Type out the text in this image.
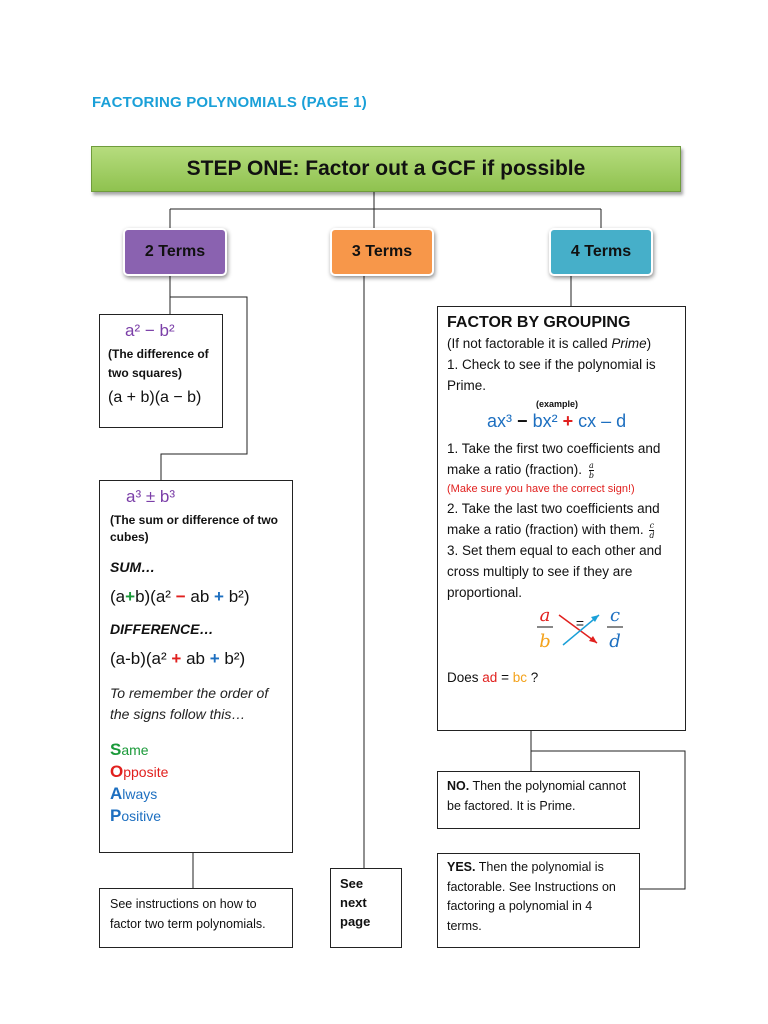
FACTORING POLYNOMIALS (PAGE 1)
STEP ONE: Factor out a GCF if possible
2 Terms	3 Terms	4 Terms
a² − b²
(The difference of two squares)
(a + b)(a − b)
a³ ± b³
(The sum or difference of two cubes)
SUM…
(a+b)(a² − ab + b²)
DIFFERENCE…
(a-b)(a² + ab + b²)
To remember the order of the signs follow this…
Same
Opposite
Always
Positive
See instructions on how to factor two term polynomials.
See next page
FACTOR BY GROUPING
(If not factorable it is called Prime)
1. Check to see if the polynomial is Prime.
(example)
ax³ − bx² + cx – d
1. Take the first two coefficients and make a ratio (fraction). $\frac{a}{b}$
(Make sure you have the correct sign!)
2. Take the last two coefficients and make a ratio (fraction) with them. $\frac{c}{d}$
3. Set them equal to each other and cross multiply to see if they are proportional.
a
b
= c
d
Does ad = bc ?
NO. Then the polynomial cannot be factored. It is Prime.
YES. Then the polynomial is factorable. See Instructions on factoring a polynomial in 4 terms.
